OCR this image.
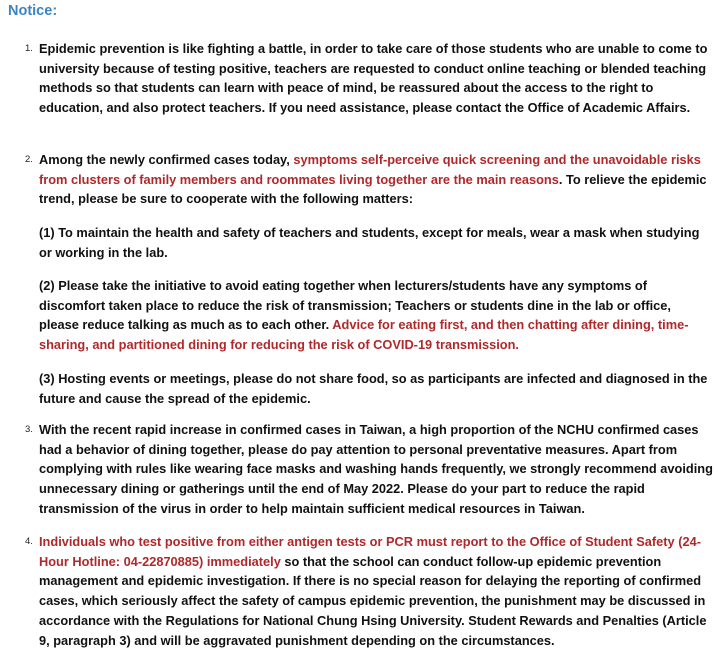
Notice:

1. Epidemic prevention is like fighting a battle, in order to take care of those students who are unable to come to university because of testing positive, teachers are requested to conduct online teaching or blended teaching methods so that students can learn with peace of mind, be reassured about the access to the right to education, and also protect teachers. If you need assistance, please contact the Office of Academic Affairs.

2. Among the newly confirmed cases today, symptoms self-perceive quick screening and the unavoidable risks from clusters of family members and roommates living together are the main reasons. To relieve the epidemic trend, please be sure to cooperate with the following matters:

(1) To maintain the health and safety of teachers and students, except for meals, wear a mask when studying or working in the lab.

(2) Please take the initiative to avoid eating together when lecturers/students have any symptoms of discomfort taken place to reduce the risk of transmission; Teachers or students dine in the lab or office, please reduce talking as much as to each other. Advice for eating first, and then chatting after dining, time-sharing, and partitioned dining for reducing the risk of COVID-19 transmission.

(3) Hosting events or meetings, please do not share food, so as participants are infected and diagnosed in the future and cause the spread of the epidemic.

3. With the recent rapid increase in confirmed cases in Taiwan, a high proportion of the NCHU confirmed cases had a behavior of dining together, please do pay attention to personal preventative measures. Apart from complying with rules like wearing face masks and washing hands frequently, we strongly recommend avoiding unnecessary dining or gatherings until the end of May 2022. Please do your part to reduce the rapid transmission of the virus in order to help maintain sufficient medical resources in Taiwan.

4. Individuals who test positive from either antigen tests or PCR must report to the Office of Student Safety (24-Hour Hotline: 04-22870885) immediately so that the school can conduct follow-up epidemic prevention management and epidemic investigation. If there is no special reason for delaying the reporting of confirmed cases, which seriously affect the safety of campus epidemic prevention, the punishment may be discussed in accordance with the Regulations for National Chung Hsing University. Student Rewards and Penalties (Article 9, paragraph 3) and will be aggravated punishment depending on the circumstances.
